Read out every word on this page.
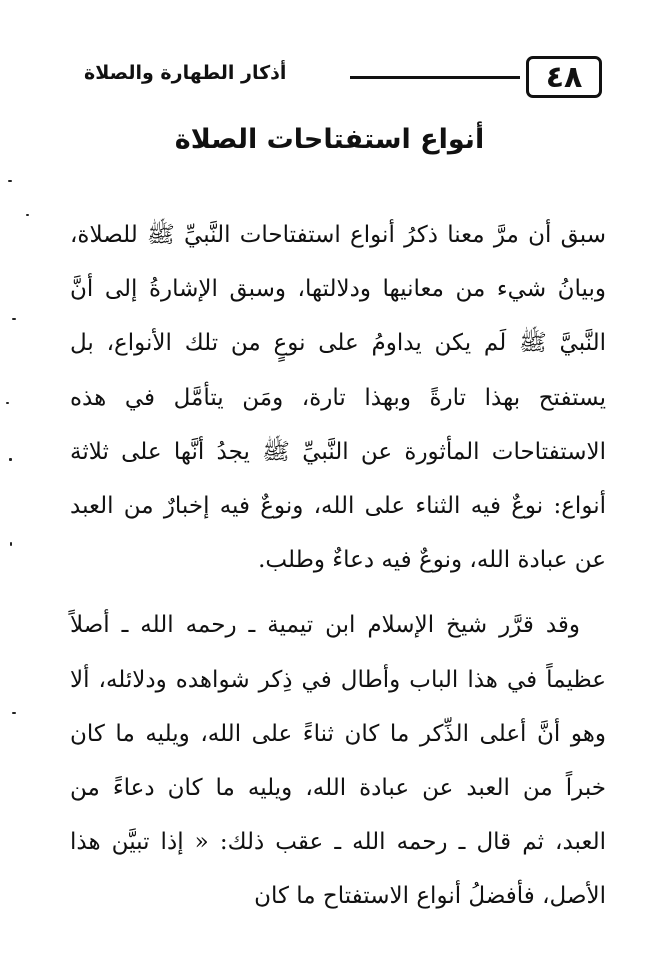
٤٨
أذكار الطهارة والصلاة
أنواع استفتاحات الصلاة

سبق أن مرَّ معنا ذكرُ أنواع استفتاحات النَّبيِّ ﷺ للصلاة، وبيانُ شيء من معانيها ودلالتها، وسبق الإشارةُ إلى أنَّ النَّبيَّ ﷺ لَم يكن يداومُ على نوعٍ من تلك الأنواع، بل يستفتح بهذا تارةً وبهذا تارة، ومَن يتأمَّل في هذه الاستفتاحات المأثورة عن النَّبيِّ ﷺ يجدُ أنَّها على ثلاثة أنواع: نوعٌ فيه الثناء على الله، ونوعٌ فيه إخبارٌ من العبد عن عبادة الله، ونوعٌ فيه دعاءٌ وطلب.

وقد قرَّر شيخ الإسلام ابن تيمية ـ رحمه الله ـ أصلاً عظيماً في هذا الباب وأطال في ذِكر شواهده ودلائله، ألا وهو أنَّ أعلى الذِّكر ما كان ثناءً على الله، ويليه ما كان خبراً من العبد عن عبادة الله، ويليه ما كان دعاءً من العبد، ثم قال ـ رحمه الله ـ عقب ذلك: « إذا تبيَّن هذا الأصل، فأفضلُ أنواع الاستفتاح ما كان
